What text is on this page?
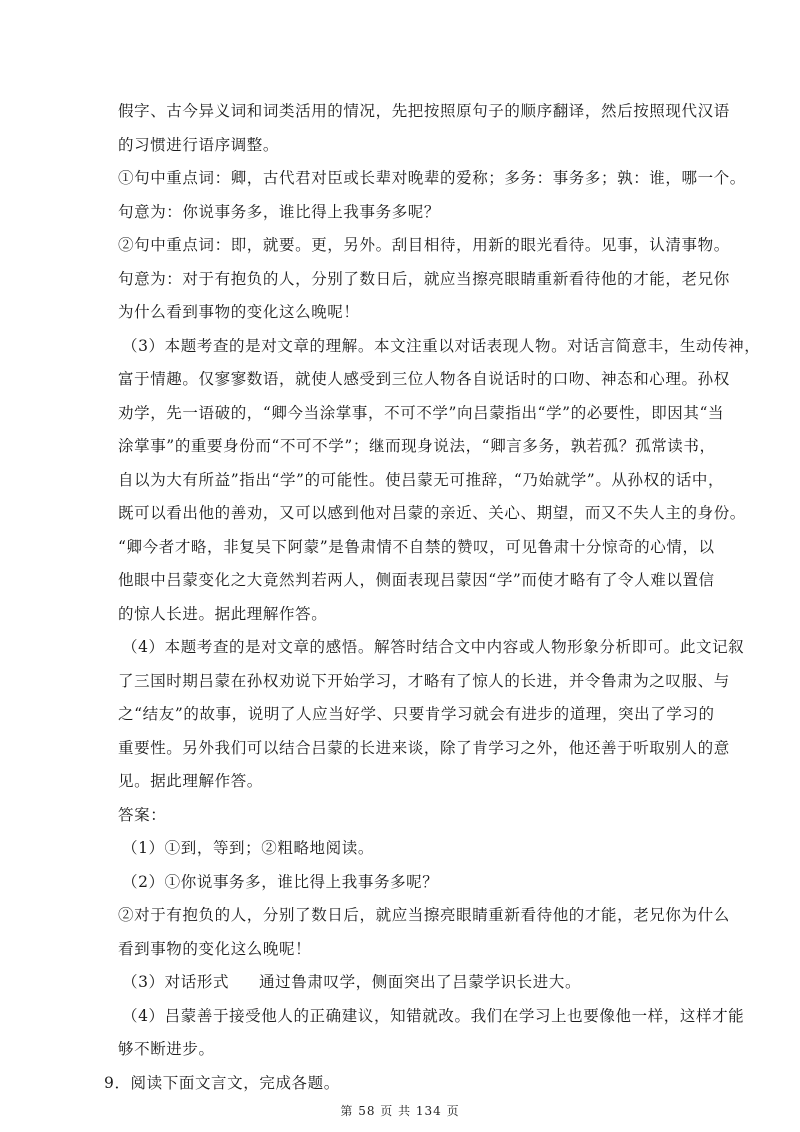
假字、古今异义词和词类活用的情况，先把按照原句子的顺序翻译，然后按照现代汉语
的习惯进行语序调整。
①句中重点词：卿，古代君对臣或长辈对晚辈的爱称；多务：事务多；孰：谁，哪一个。
句意为：你说事务多，谁比得上我事务多呢？
②句中重点词：即，就要。更，另外。刮目相待，用新的眼光看待。见事，认清事物。
句意为：对于有抱负的人，分别了数日后，就应当擦亮眼睛重新看待他的才能，老兄你
为什么看到事物的变化这么晚呢！
（3）本题考查的是对文章的理解。本文注重以对话表现人物。对话言简意丰，生动传神，
富于情趣。仅寥寥数语，就使人感受到三位人物各自说话时的口吻、神态和心理。孙权
劝学，先一语破的，“卿今当涂掌事，不可不学”向吕蒙指出“学”的必要性，即因其“当
涂掌事”的重要身份而“不可不学”；继而现身说法，“卿言多务，孰若孤？孤常读书，
自以为大有所益”指出“学”的可能性。使吕蒙无可推辞，“乃始就学”。从孙权的话中，
既可以看出他的善劝，又可以感到他对吕蒙的亲近、关心、期望，而又不失人主的身份。
“卿今者才略，非复吴下阿蒙”是鲁肃情不自禁的赞叹，可见鲁肃十分惊奇的心情，以
他眼中吕蒙变化之大竟然判若两人，侧面表现吕蒙因“学”而使才略有了令人难以置信
的惊人长进。据此理解作答。
（4）本题考查的是对文章的感悟。解答时结合文中内容或人物形象分析即可。此文记叙
了三国时期吕蒙在孙权劝说下开始学习，才略有了惊人的长进，并令鲁肃为之叹服、与
之“结友”的故事，说明了人应当好学、只要肯学习就会有进步的道理，突出了学习的
重要性。另外我们可以结合吕蒙的长进来谈，除了肯学习之外，他还善于听取别人的意
见。据此理解作答。
答案：
（1）①到，等到；②粗略地阅读。
（2）①你说事务多，谁比得上我事务多呢？
②对于有抱负的人，分别了数日后，就应当擦亮眼睛重新看待他的才能，老兄你为什么
看到事物的变化这么晚呢！
（3）对话形式 通过鲁肃叹学，侧面突出了吕蒙学识长进大。
（4）吕蒙善于接受他人的正确建议，知错就改。我们在学习上也要像他一样，这样才能
够不断进步。
9．阅读下面文言文，完成各题。
第 58 页 共 134 页
